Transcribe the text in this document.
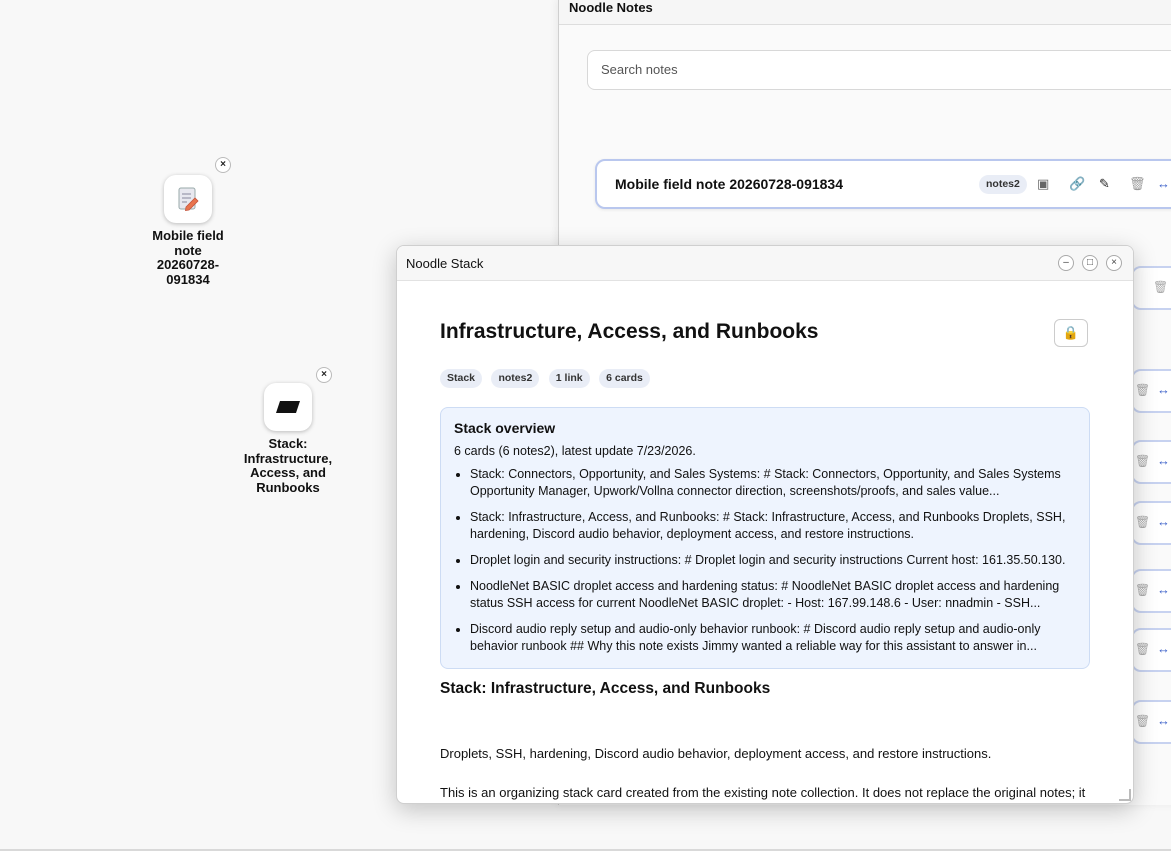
×
Mobile field note 20260728-091834
×
Stack: Infrastructure, Access, and Runbooks
Noodle Notes
Search notes
Mobile field note 20260728-091834	notes2	▣ 🔗 ✎ 🗑 ↔
🗑
🗑 ↔
🗑 ↔
🗑 ↔
🗑 ↔
🗑 ↔
🗑 ↔
Noodle Stack	–	□	×
Infrastructure, Access, and Runbooks	🔒
Stack notes2 1 link 6 cards
Stack overview
6 cards (6 notes2), latest update 7/23/2026.
• Stack: Connectors, Opportunity, and Sales Systems: # Stack: Connectors, Opportunity, and Sales Systems Opportunity Manager, Upwork/Vollna connector direction, screenshots/proofs, and sales value...
• Stack: Infrastructure, Access, and Runbooks: # Stack: Infrastructure, Access, and Runbooks Droplets, SSH, hardening, Discord audio behavior, deployment access, and restore instructions.
• Droplet login and security instructions: # Droplet login and security instructions Current host: 161.35.50.130.
• NoodleNet BASIC droplet access and hardening status: # NoodleNet BASIC droplet access and hardening status SSH access for current NoodleNet BASIC droplet: - Host: 167.99.148.6 - User: nnadmin - SSH...
• Discord audio reply setup and audio-only behavior runbook: # Discord audio reply setup and audio-only behavior runbook ## Why this note exists Jimmy wanted a reliable way for this assistant to answer in...
Stack: Infrastructure, Access, and Runbooks
Droplets, SSH, hardening, Discord audio behavior, deployment access, and restore instructions.
This is an organizing stack card created from the existing note collection. It does not replace the original notes; it
